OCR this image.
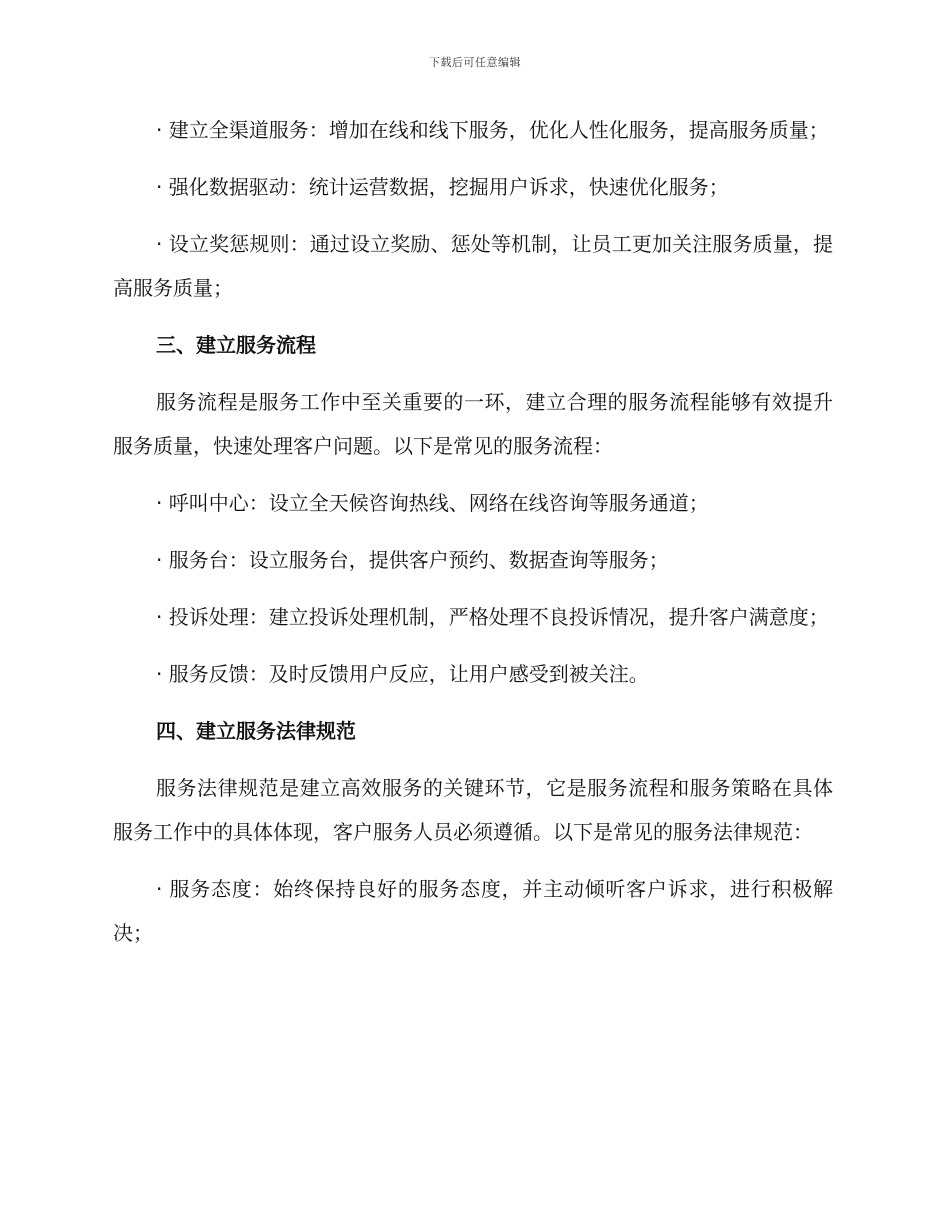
下载后可任意编辑

· 建立全渠道服务：增加在线和线下服务，优化人性化服务，提高服务质量；

· 强化数据驱动：统计运营数据，挖掘用户诉求，快速优化服务；

· 设立奖惩规则：通过设立奖励、惩处等机制，让员工更加关注服务质量，提高服务质量；

三、建立服务流程

服务流程是服务工作中至关重要的一环，建立合理的服务流程能够有效提升服务质量，快速处理客户问题。以下是常见的服务流程：

· 呼叫中心：设立全天候咨询热线、网络在线咨询等服务通道；

· 服务台：设立服务台，提供客户预约、数据查询等服务；

· 投诉处理：建立投诉处理机制，严格处理不良投诉情况，提升客户满意度；

· 服务反馈：及时反馈用户反应，让用户感受到被关注。

四、建立服务法律规范

服务法律规范是建立高效服务的关键环节，它是服务流程和服务策略在具体服务工作中的具体体现，客户服务人员必须遵循。以下是常见的服务法律规范：

· 服务态度：始终保持良好的服务态度，并主动倾听客户诉求，进行积极解决；
